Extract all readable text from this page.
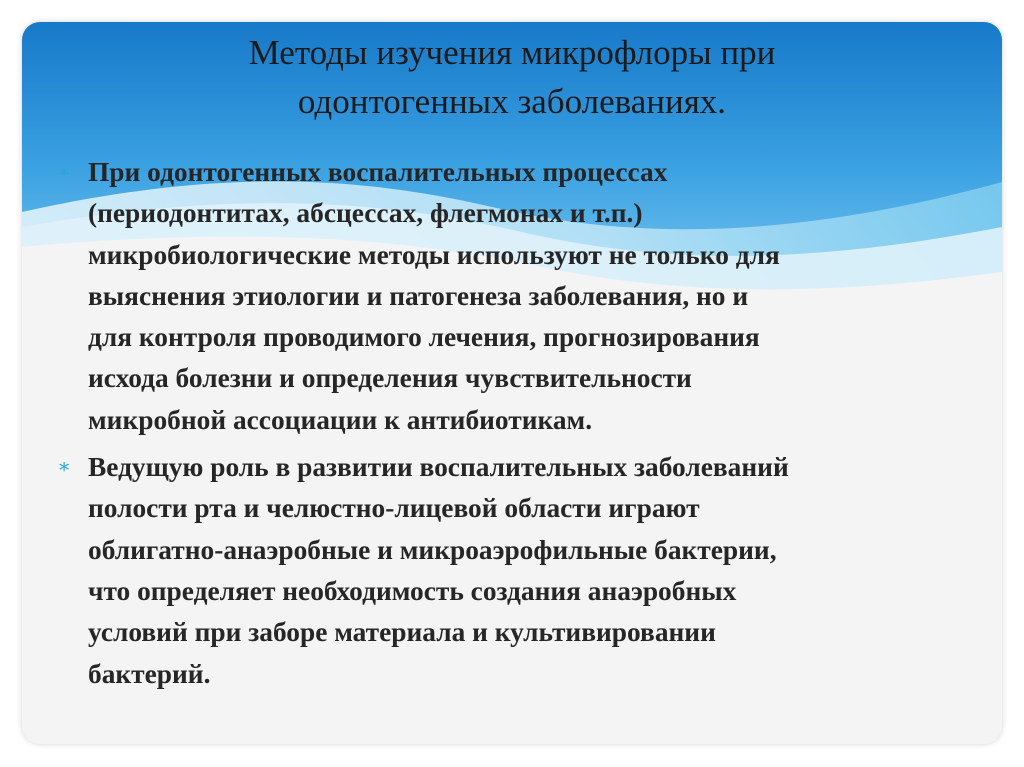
Методы изучения микрофлоры при
одонтогенных заболеваниях.
∗ При одонтогенных воспалительных процессах
(периодонтитах, абсцессах, флегмонах и т.п.)
микробиологические методы используют не только для
выяснения этиологии и патогенеза заболевания, но и
для контроля проводимого лечения, прогнозирования
исхода болезни и определения чувствительности
микробной ассоциации к антибиотикам.
∗ Ведущую роль в развитии воспалительных заболеваний
полости рта и челюстно-лицевой области играют
облигатно-анаэробные и микроаэрофильные бактерии,
что определяет необходимость создания анаэробных
условий при заборе материала и культивировании
бактерий.
